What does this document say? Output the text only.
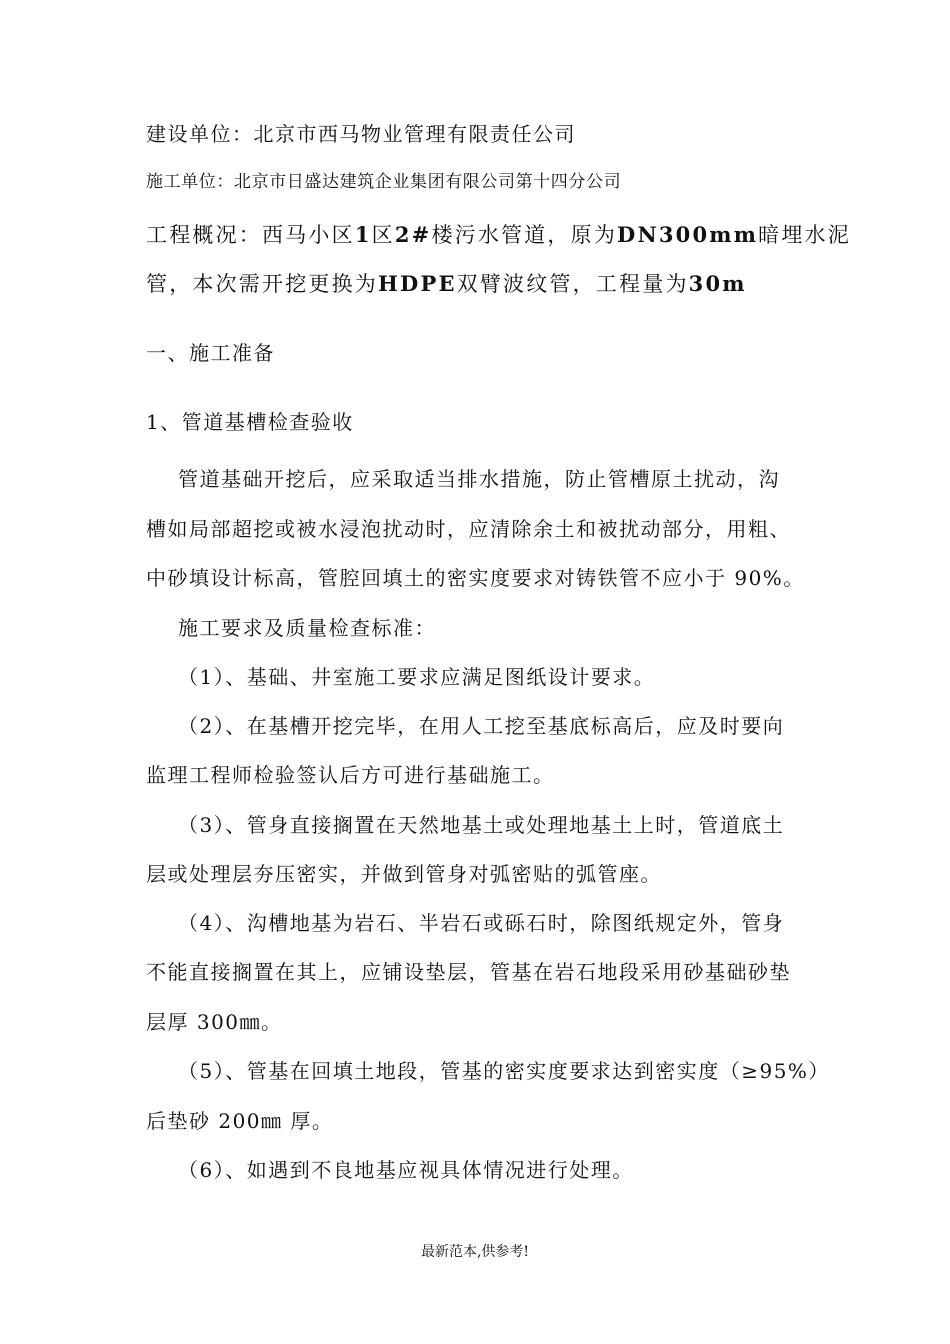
建设单位：北京市西马物业管理有限责任公司
施工单位：北京市日盛达建筑企业集团有限公司第十四分公司
工程概况：西马小区1区2#楼污水管道，原为DN300mm暗埋水泥
管，本次需开挖更换为HDPE双臂波纹管，工程量为30m
一、施工准备
1、管道基槽检查验收
管道基础开挖后，应采取适当排水措施，防止管槽原土扰动，沟
槽如局部超挖或被水浸泡扰动时，应清除余土和被扰动部分，用粗、
中砂填设计标高，管腔回填土的密实度要求对铸铁管不应小于 90%。
施工要求及质量检查标准：
（1）、基础、井室施工要求应满足图纸设计要求。
（2）、在基槽开挖完毕，在用人工挖至基底标高后，应及时要向
监理工程师检验签认后方可进行基础施工。
（3）、管身直接搁置在天然地基土或处理地基土上时，管道底土
层或处理层夯压密实，并做到管身对弧密贴的弧管座。
（4）、沟槽地基为岩石、半岩石或砾石时，除图纸规定外，管身
不能直接搁置在其上，应铺设垫层，管基在岩石地段采用砂基础砂垫
层厚 300㎜。
（5）、管基在回填土地段，管基的密实度要求达到密实度（≥95%）
后垫砂 200㎜ 厚。
（6）、如遇到不良地基应视具体情况进行处理。
最新范本,供参考!
